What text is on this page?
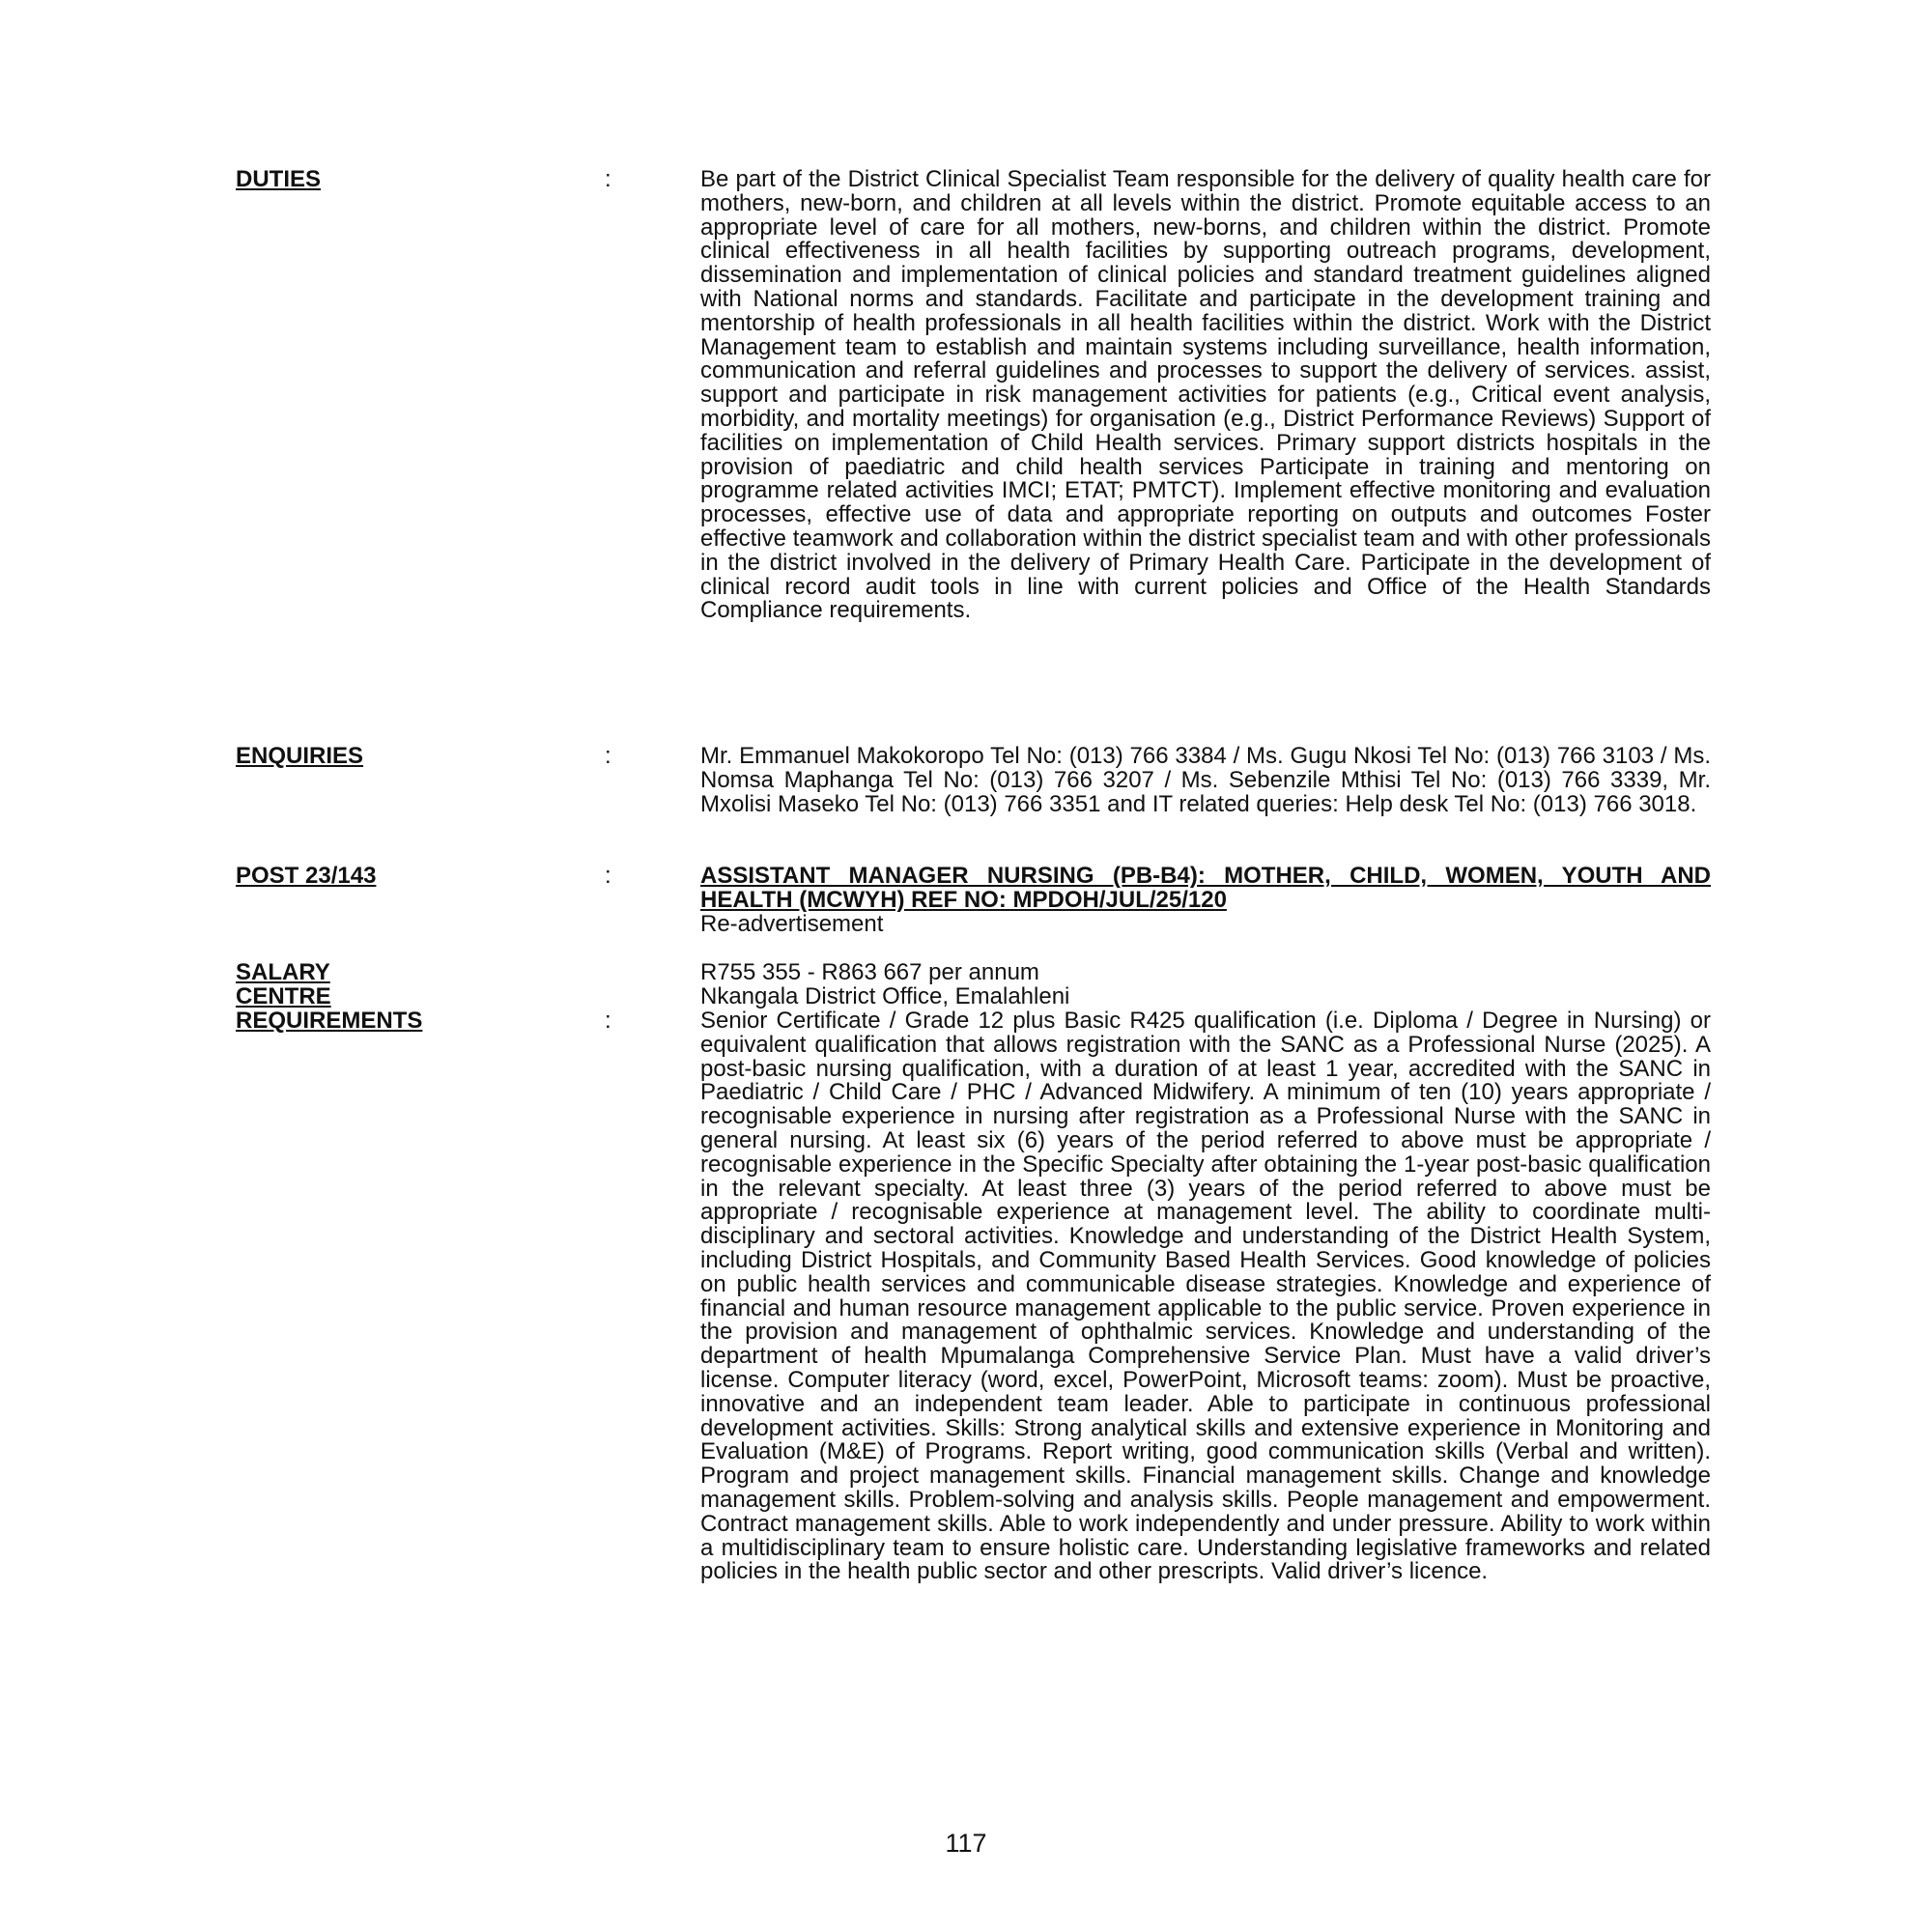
DUTIES	:	Be part of the District Clinical Specialist Team responsible for the delivery of quality health care for mothers, new-born, and children at all levels within the district. Promote equitable access to an appropriate level of care for all mothers, new-borns, and children within the district. Promote clinical effectiveness in all health facilities by supporting outreach programs, development, dissemination and implementation of clinical policies and standard treatment guidelines aligned with National norms and standards. Facilitate and participate in the development training and mentorship of health professionals in all health facilities within the district. Work with the District Management team to establish and maintain systems including surveillance, health information, communication and referral guidelines and processes to support the delivery of services. assist, support and participate in risk management activities for patients (e.g., Critical event analysis, morbidity, and mortality meetings) for organisation (e.g., District Performance Reviews) Support of facilities on implementation of Child Health services. Primary support districts hospitals in the provision of paediatric and child health services Participate in training and mentoring on programme related activities IMCI; ETAT; PMTCT). Implement effective monitoring and evaluation processes, effective use of data and appropriate reporting on outputs and outcomes Foster effective teamwork and collaboration within the district specialist team and with other professionals in the district involved in the delivery of Primary Health Care. Participate in the development of clinical record audit tools in line with current policies and Office of the Health Standards Compliance requirements.
ENQUIRIES	:	Mr. Emmanuel Makokoropo Tel No: (013) 766 3384 / Ms. Gugu Nkosi Tel No: (013) 766 3103 / Ms. Nomsa Maphanga Tel No: (013) 766 3207 / Ms. Sebenzile Mthisi Tel No: (013) 766 3339, Mr. Mxolisi Maseko Tel No: (013) 766 3351 and IT related queries: Help desk Tel No: (013) 766 3018.
POST 23/143	:	ASSISTANT MANAGER NURSING (PB-B4): MOTHER, CHILD, WOMEN, YOUTH AND HEALTH (MCWYH) REF NO: MPDOH/JUL/25/120
Re-advertisement
SALARY	R755 355 - R863 667 per annum
CENTRE	Nkangala District Office, Emalahleni
REQUIREMENTS	:	Senior Certificate / Grade 12 plus Basic R425 qualification (i.e. Diploma / Degree in Nursing) or equivalent qualification that allows registration with the SANC as a Professional Nurse (2025). A post-basic nursing qualification, with a duration of at least 1 year, accredited with the SANC in Paediatric / Child Care / PHC / Advanced Midwifery. A minimum of ten (10) years appropriate / recognisable experience in nursing after registration as a Professional Nurse with the SANC in general nursing. At least six (6) years of the period referred to above must be appropriate / recognisable experience in the Specific Specialty after obtaining the 1-year post-basic qualification in the relevant specialty. At least three (3) years of the period referred to above must be appropriate / recognisable experience at management level. The ability to coordinate multi-disciplinary and sectoral activities. Knowledge and understanding of the District Health System, including District Hospitals, and Community Based Health Services. Good knowledge of policies on public health services and communicable disease strategies. Knowledge and experience of financial and human resource management applicable to the public service. Proven experience in the provision and management of ophthalmic services. Knowledge and understanding of the department of health Mpumalanga Comprehensive Service Plan. Must have a valid driver’s license. Computer literacy (word, excel, PowerPoint, Microsoft teams: zoom). Must be proactive, innovative and an independent team leader. Able to participate in continuous professional development activities. Skills: Strong analytical skills and extensive experience in Monitoring and Evaluation (M&E) of Programs. Report writing, good communication skills (Verbal and written). Program and project management skills. Financial management skills. Change and knowledge management skills. Problem-solving and analysis skills. People management and empowerment. Contract management skills. Able to work independently and under pressure. Ability to work within a multidisciplinary team to ensure holistic care. Understanding legislative frameworks and related policies in the health public sector and other prescripts. Valid driver’s licence.
117
